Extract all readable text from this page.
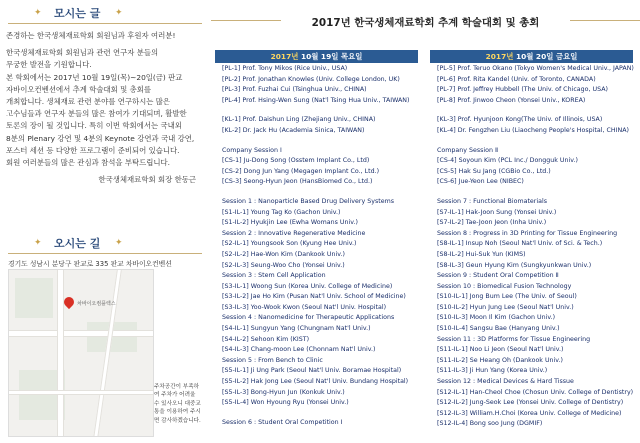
✦ 모시는 글 ✦

존경하는 한국생체재료학회 회원님과 후원자 여러분!

한국생체재료학회 회원님과 관련 연구자 분들의

무궁한 발전을 기원합니다.

본 학회에서는 2017년 10월 19일(목)~20일(금) 판교

자바이오컨벤션에서 추계 학술대회 및 총회를

개최합니다. 생체재료 관련 분야를 연구하시는 많은

고수님들과 연구자 분들의 많은 참여가 기대되며, 활발한

토론의 장이 될 것입니다. 특히 이번 학회에서는 국내외

8분의 Plenary 강연 및 4분의 Keynote 강연과 국내 강연,

포스터 세션 등 다양한 프로그램이 준비되어 있습니다.

회원 여러분들의 많은 관심과 참석을 부탁드립니다.

한국생체재료학회 회장 한동근

✦ 오시는 길 ✦
경기도 성남시 분당구 판교로 335 판교 차바이오컨벤션
차바이오컴플렉스
주차공간이 부족하여 주차가 어려울 수 있사오니 대중교통을 이용하여 주시면 감사하겠습니다.
2017년 한국생체재료학회 추계 학술대회 및 총회
2017년 10월 19일 목요일
[PL-1] Prof. Tony Mikos (Rice Univ., USA)
[PL-2] Prof. Jonathan Knowles (Univ. College London, UK)
[PL-3] Prof. Fuzhai Cui (Tsinghua Univ., CHINA)
[PL-4] Prof. Hsing-Wen Sung (Nat'l Tsing Hua Univ., TAIWAN)
[KL-1] Prof. Daishun Ling (Zhejiang Univ., CHINA)
[KL-2] Dr. Jack Hu (Academia Sinica, TAIWAN)
Company Session Ⅰ
[CS-1] Ju-Dong Song (Osstem Implant Co., Ltd)
[CS-2] Dong Jun Yang (Megagen Implant Co., Ltd.)
[CS-3] Seong-Hyun Jeon (HansBiomed Co., Ltd.)
Session 1 : Nanoparticle Based Drug Delivery Systems
[S1-IL-1] Young Tag Ko (Gachon Univ.)
[S1-IL-2] Hyukjin Lee (Ewha Womans Univ.)
Session 2 : Innovative Regenerative Medicine
[S2-IL-1] Youngsook Son (Kyung Hee Univ.)
[S2-IL-2] Hae-Won Kim (Dankook Univ.)
[S2-IL-3] Seung-Woo Cho (Yonsei Univ.)
Session 3 : Stem Cell Application
[S3-IL-1] Woong Sun (Korea Univ. College of Medicine)
[S3-IL-2] Jae Ho Kim (Pusan Nat'l Univ. School of Medicine)
[S3-IL-3] Yoo-Wook Kwon (Seoul Nat'l Univ. Hospital)
Session 4 : Nanomedicine for Therapeutic Applications
[S4-IL-1] Sungyun Yang (Chungnam Nat'l Univ.)
[S4-IL-2] Sehoon Kim (KIST)
[S4-IL-3] Chang-moon Lee (Chonnam Nat'l Univ.)
Session 5 : From Bench to Clinic
[S5-IL-1] Ji Ung Park (Seoul Nat'l Univ. Boramae Hospital)
[S5-IL-2] Hak Jong Lee (Seoul Nat'l Univ. Bundang Hospital)
[S5-IL-3] Bong-Hyun Jun (Konkuk Univ.)
[S5-IL-4] Won Hyoung Ryu (Yonsei Univ.)
Session 6 : Student Oral Competition Ⅰ
2017년 10월 20일 금요일
[PL-5] Prof. Teruo Okano (Tokyo Women's Medical Univ., JAPAN)
[PL-6] Prof. Rita Kandel (Univ. of Toronto, CANADA)
[PL-7] Prof. Jeffrey Hubbell (The Univ. of Chicago, USA)
[PL-8] Prof. Jinwoo Cheon (Yonsei Univ., KOREA)
[KL-3] Prof. Hyunjoon Kong(The Univ. of Illinois, USA)
[KL-4] Dr. Fengzhen Liu (Liaocheng People's Hospital, CHINA)
Company Session Ⅱ
[CS-4] Soyoun Kim (PCL Inc./ Dongguk Univ.)
[CS-5] Hak Su Jang (CGBio Co., Ltd.)
[CS-6] Jue-Yeon Lee (NIBEC)
Session 7 : Functional Biomaterials
[S7-IL-1] Hak-Joon Sung (Yonsei Univ.)
[S7-IL-2] Tae-Joon Jeon (Inha Univ.)
Session 8 : Progress in 3D Printing for Tissue Engineering
[S8-IL-1] Insup Noh (Seoul Nat'l Univ. of Sci. & Tech.)
[S8-IL-2] Hui-Suk Yun (KIMS)
[S8-IL-3] Geun Hyung Kim (Sungkyunkwan Univ.)
Session 9 : Student Oral Competition Ⅱ
Session 10 : Biomedical Fusion Technology
[S10-IL-1] Jong Bum Lee (The Univ. of Seoul)
[S10-IL-2] Hyun Jung Lee (Seoul Nat'l Univ.)
[S10-IL-3] Moon Il Kim (Gachon Univ.)
[S10-IL-4] Sangsu Bae (Hanyang Univ.)
Session 11 : 3D Platforms for Tissue Engineering
[S11-IL-1] Noo Li Jeon (Seoul Nat'l Univ.)
[S11-IL-2] Se Heang Oh (Dankook Univ.)
[S11-IL-3] Ji Hun Yang (Korea Univ.)
Session 12 : Medical Devices & Hard Tissue
[S12-IL-1] Han-Cheol Choe (Chosun Univ. College of Dentistry)
[S12-IL-2] Jung-Seok Lee (Yonsei Univ. College of Dentistry)
[S12-IL-3] William.H.Choi (Korea Univ. College of Medicine)
[S12-IL-4] Bong soo Jung (DGMIF)
